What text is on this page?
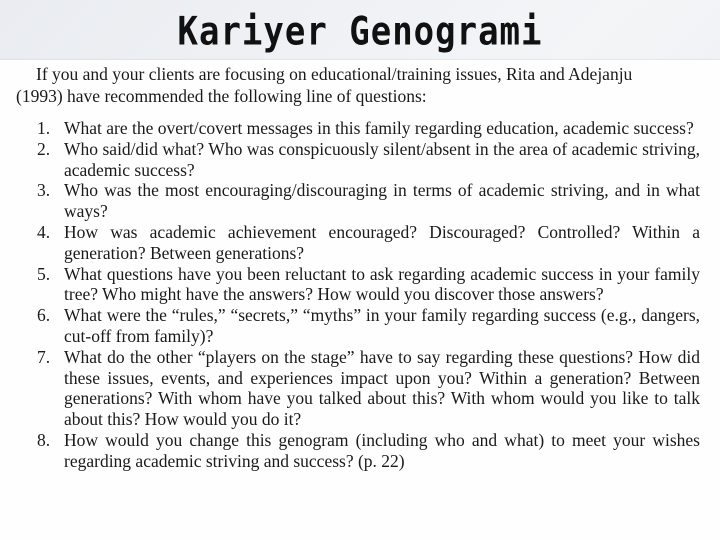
Kariyer Genogrami

If you and your clients are focusing on educational/training issues, Rita and Adejanju
(1993) have recommended the following line of questions:

1. What are the overt/covert messages in this family regarding education, academic success?
2. Who said/did what? Who was conspicuously silent/absent in the area of academic striving, academic success?
3. Who was the most encouraging/discouraging in terms of academic striving, and in what ways?
4. How was academic achievement encouraged? Discouraged? Controlled? Within a generation? Between generations?
5. What questions have you been reluctant to ask regarding academic success in your family tree? Who might have the answers? How would you discover those answers?
6. What were the “rules,” “secrets,” “myths” in your family regarding success (e.g., dangers, cut-off from family)?
7. What do the other “players on the stage” have to say regarding these questions? How did these issues, events, and experiences impact upon you? Within a generation? Between generations? With whom have you talked about this? With whom would you like to talk about this? How would you do it?
8. How would you change this genogram (including who and what) to meet your wishes regarding academic striving and success? (p. 22)
